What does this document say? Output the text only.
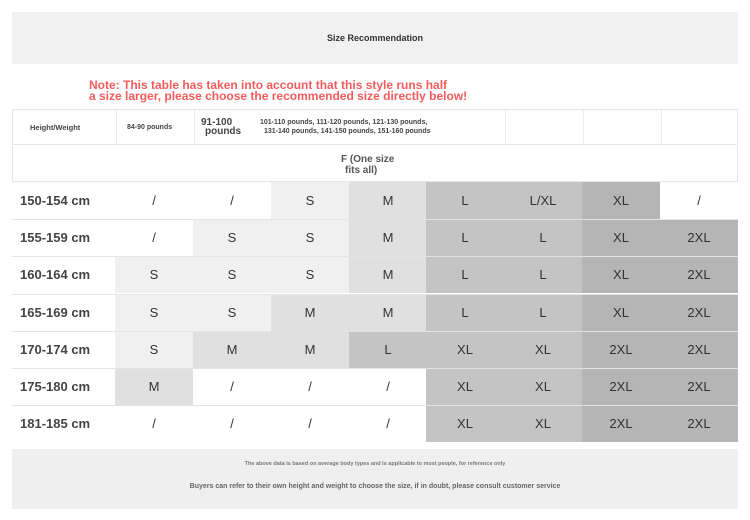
Size Recommendation
Note: This table has taken into account that this style runs half
a size larger, please choose the recommended size directly below!
Height/Weight	84-90 pounds	91-100
pounds
101-110 pounds, 111-120 pounds, 121-130 pounds,
131-140 pounds, 141-150 pounds, 151-160 pounds
F (One size
fits all)
150-154 cm	/	/	S	M	L	L/XL	XL	/
155-159 cm	/	S	S	M	L	L	XL	2XL
160-164 cm	S	S	S	M	L	L	XL	2XL
165-169 cm	S	S	M	M	L	L	XL	2XL
170-174 cm	S	M	M	L	XL	XL	2XL	2XL
175-180 cm	M	/	/	/	XL	XL	2XL	2XL
181-185 cm	/	/	/	/	XL	XL	2XL	2XL
The above data is based on average body types and is applicable to most people, for reference only
Buyers can refer to their own height and weight to choose the size, if in doubt, please consult customer service
